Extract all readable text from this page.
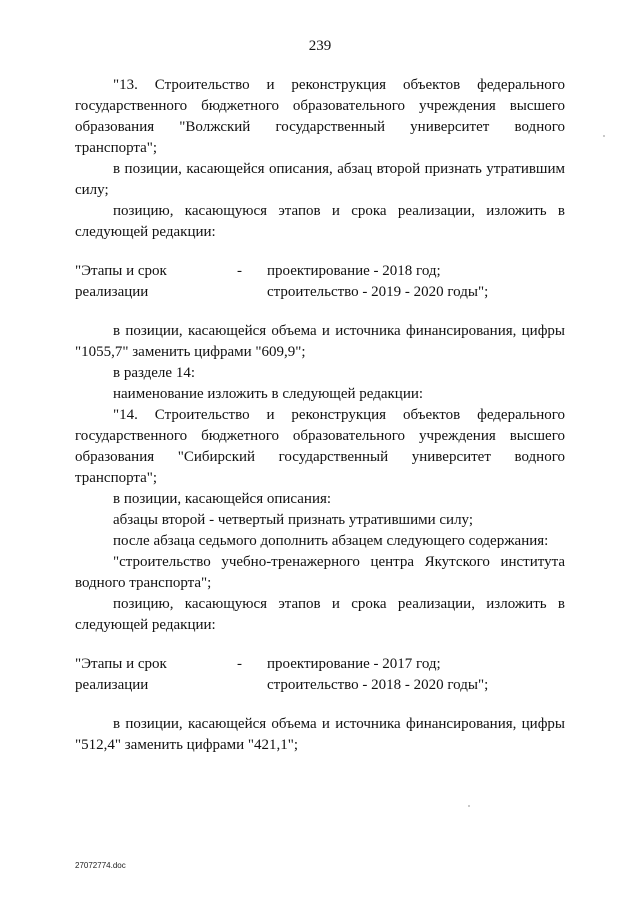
239

"13. Строительство и реконструкция объектов федерального государственного бюджетного образовательного учреждения высшего образования "Волжский государственный университет водного транспорта";

в позиции, касающейся описания, абзац второй признать утратившим силу;

позицию, касающуюся этапов и срока реализации, изложить в следующей редакции:

"Этапы и срок
реализации
-	проектирование - 2018 год;
строительство - 2019 - 2020 годы";

в позиции, касающейся объема и источника финансирования, цифры "1055,7" заменить цифрами "609,9";

в разделе 14:

наименование изложить в следующей редакции:

"14. Строительство и реконструкция объектов федерального государственного бюджетного образовательного учреждения высшего образования "Сибирский государственный университет водного транспорта";

в позиции, касающейся описания:

абзацы второй - четвертый признать утратившими силу;

после абзаца седьмого дополнить абзацем следующего содержания:

"строительство учебно-тренажерного центра Якутского института водного транспорта";

позицию, касающуюся этапов и срока реализации, изложить в следующей редакции:

"Этапы и срок
реализации
-	проектирование - 2017 год;
строительство - 2018 - 2020 годы";

в позиции, касающейся объема и источника финансирования, цифры "512,4" заменить цифрами "421,1";

27072774.doc
